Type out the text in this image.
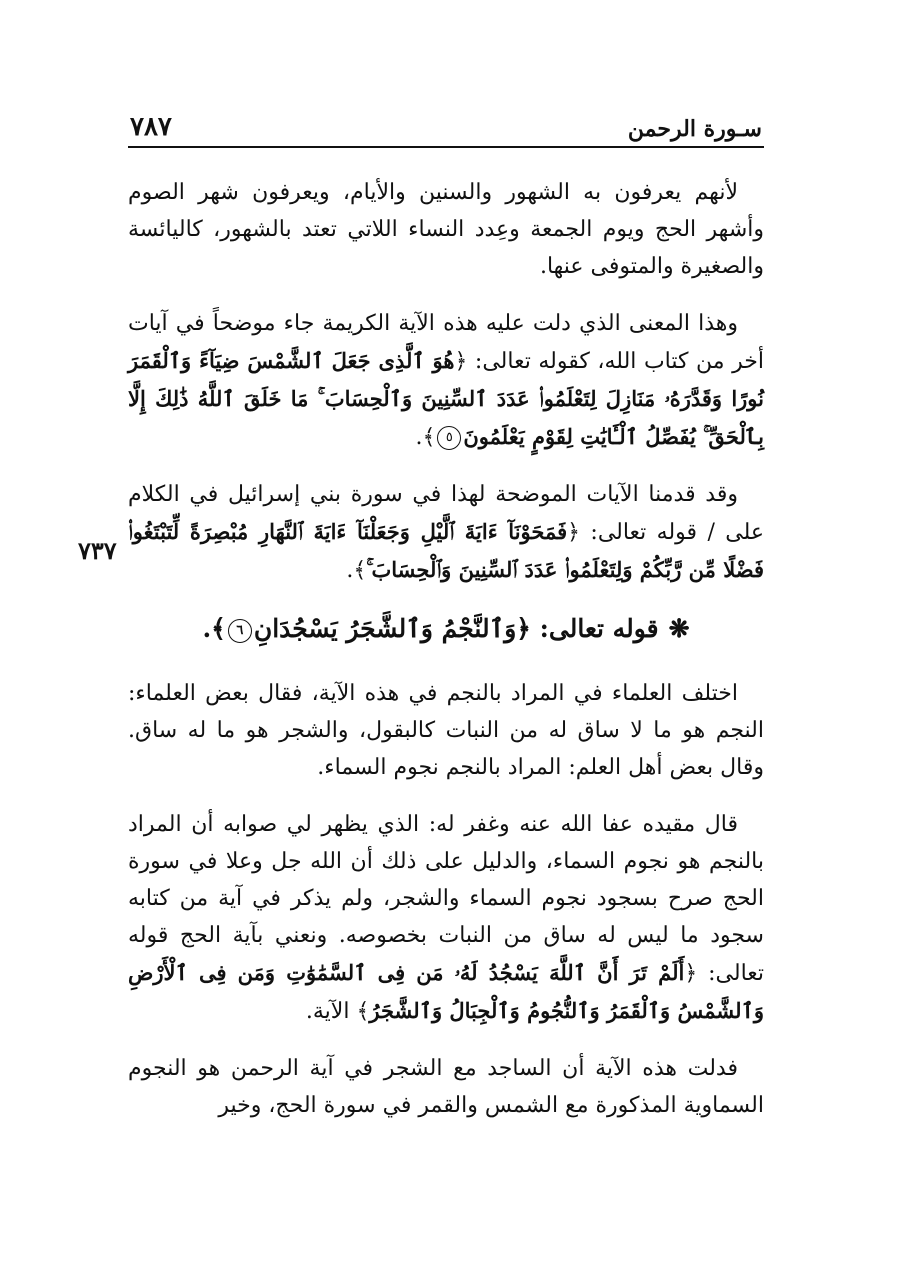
سـورة الرحمن
٧٨٧

لأنهم يعرفون به الشهور والسنين والأيام، ويعرفون شهر الصوم وأشهر الحج ويوم الجمعة وعِدد النساء اللاتي تعتد بالشهور، كاليائسة والصغيرة والمتوفى عنها.

وهذا المعنى الذي دلت عليه هذه الآية الكريمة جاء موضحاً في آيات أخر من كتاب الله، كقوله تعالى: ﴿هُوَ ٱلَّذِى جَعَلَ ٱلشَّمْسَ ضِيَآءً وَٱلْقَمَرَ نُورًا وَقَدَّرَهُۥ مَنَازِلَ لِتَعْلَمُوا۟ عَدَدَ ٱلسِّنِينَ وَٱلْحِسَابَ ۚ مَا خَلَقَ ٱللَّهُ ذَٰلِكَ إِلَّا بِٱلْحَقِّ ۚ يُفَصِّلُ ٱلْـَٔايَٰتِ لِقَوْمٍ يَعْلَمُونَ٥﴾.

وقد قدمنا الآيات الموضحة لهذا في سورة بني إسرائيل في الكلام على / قوله تعالى: ﴿فَمَحَوْنَآ ءَايَةَ ٱلَّيْلِ وَجَعَلْنَآ ءَايَةَ ٱلنَّهَارِ مُبْصِرَةً لِّتَبْتَغُوا۟ فَضْلًا مِّن رَّبِّكُمْ وَلِتَعْلَمُوا۟ عَدَدَ ٱلسِّنِينَ وَٱلْحِسَابَ ۚ﴾.

❋قوله تعالى: ﴿وَٱلنَّجْمُ وَٱلشَّجَرُ يَسْجُدَانِ٦﴾.

اختلف العلماء في المراد بالنجم في هذه الآية، فقال بعض العلماء: النجم هو ما لا ساق له من النبات كالبقول، والشجر هو ما له ساق. وقال بعض أهل العلم: المراد بالنجم نجوم السماء.

قال مقيده عفا الله عنه وغفر له: الذي يظهر لي صوابه أن المراد بالنجم هو نجوم السماء، والدليل على ذلك أن الله جل وعلا في سورة الحج صرح بسجود نجوم السماء والشجر، ولم يذكر في آية من كتابه سجود ما ليس له ساق من النبات بخصوصه. ونعني بآية الحج قوله تعالى: ﴿أَلَمْ تَرَ أَنَّ ٱللَّهَ يَسْجُدُ لَهُۥ مَن فِى ٱلسَّمَٰوَٰتِ وَمَن فِى ٱلْأَرْضِ وَٱلشَّمْسُ وَٱلْقَمَرُ وَٱلنُّجُومُ وَٱلْجِبَالُ وَٱلشَّجَرُ﴾ الآية.

فدلت هذه الآية أن الساجد مع الشجر في آية الرحمن هو النجوم السماوية المذكورة مع الشمس والقمر في سورة الحج، وخير

٧٣٧
